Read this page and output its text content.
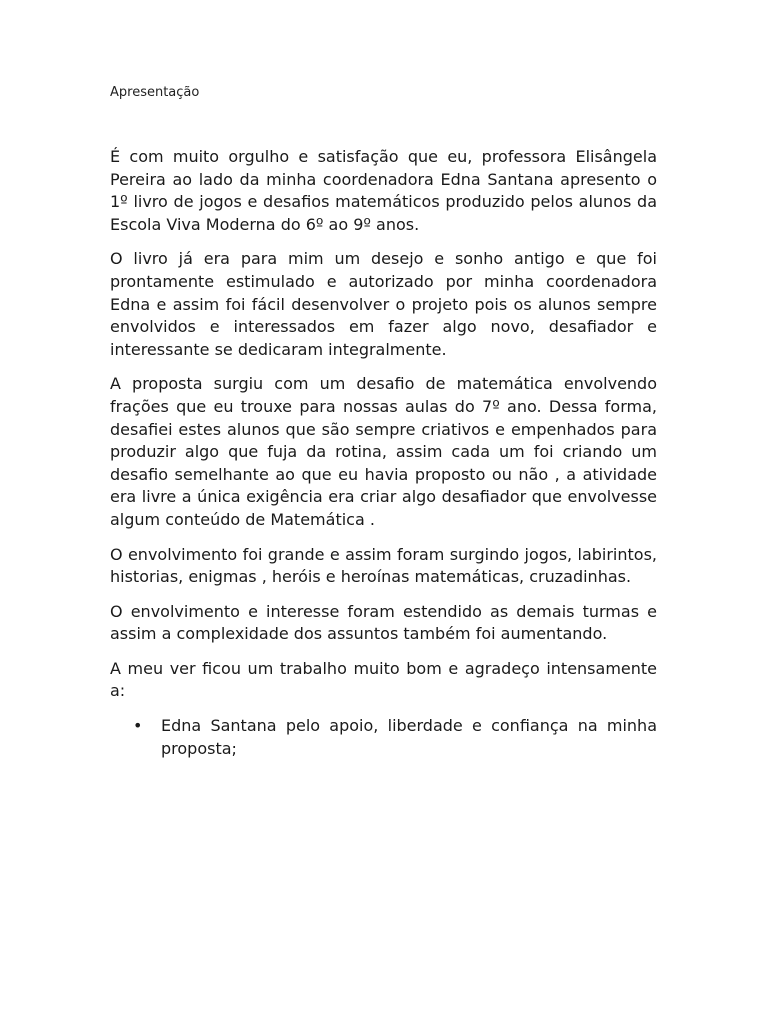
Apresentação

É com muito orgulho e satisfação que eu, professora Elisângela Pereira ao lado da minha coordenadora Edna Santana apresento o 1º livro de jogos e desafios matemáticos produzido pelos alunos da Escola Viva Moderna do 6º ao 9º anos.

O livro já era para mim um desejo e sonho antigo e que foi prontamente estimulado e autorizado por minha coordenadora Edna e assim foi fácil desenvolver o projeto pois os alunos sempre envolvidos e interessados em fazer algo novo, desafiador e interessante se dedicaram integralmente.

A proposta surgiu com um desafio de matemática envolvendo frações que eu trouxe para nossas aulas do 7º ano. Dessa forma, desafiei estes alunos que são sempre criativos e empenhados para produzir algo que fuja da rotina, assim cada um foi criando um desafio semelhante ao que eu havia proposto ou não , a atividade era livre a única exigência era criar algo desafiador que envolvesse algum conteúdo de Matemática .

O envolvimento foi grande e assim foram surgindo jogos, labirintos, historias, enigmas , heróis e heroínas matemáticas, cruzadinhas.

O envolvimento e interesse foram estendido as demais turmas e assim a complexidade dos assuntos também foi aumentando.

A meu ver ficou um trabalho muito bom e agradeço intensamente a:

• Edna Santana pelo apoio, liberdade e confiança na minha proposta;
